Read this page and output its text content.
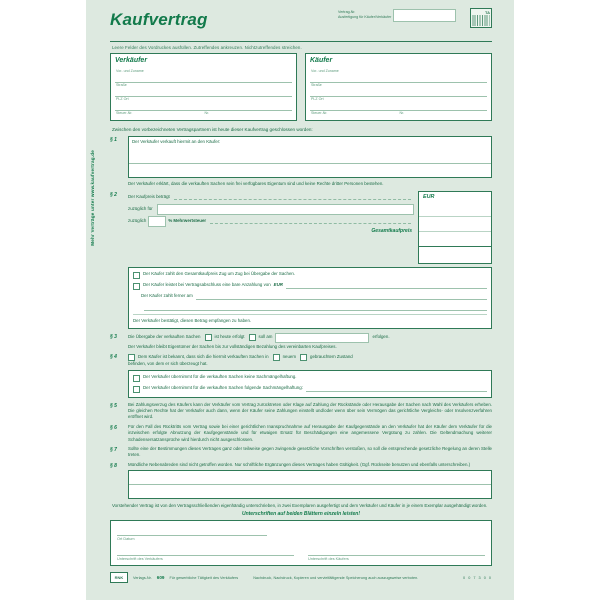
Mehr Verträge unter www.kaufvertrag.de
Kaufvertrag	Vertrag-Nr.
Ausfertigung für Käufer/Verkäufer
TA
Leere Felder des Vordruckes ausfüllen. Zutreffendes ankreuzen. Nichtzutreffendes streichen.
Verkäufer
Vor- und Zuname
Straße
PLZ Ort
Steuer-Nr.	Nr.
Käufer
Vor- und Zuname
Straße
PLZ Ort
Steuer-Nr.	Nr.
Zwischen den vorbezeichneten Vertragspartnern ist heute dieser Kaufvertrag geschlossen worden:
§ 1	Der Verkäufer verkauft hiermit an den Käufer:
Der Verkäufer erklärt, dass die verkauften Sachen sein frei verfügbares Eigentum sind und keine Rechte dritter Personen bestehen.
§ 2	Der Kaufpreis beträgt
zuzüglich für
zuzüglich	% Mehrwertsteuer
Gesamtkaufpreis
EUR
Der Käufer zahlt den Gesamtkaufpreis Zug um Zug bei Übergabe der Sachen.
Der Käufer leistet bei Vertragsabschluss eine bare Anzahlung von EUR
Der Käufer zahlt ferner am
Der Verkäufer bestätigt, diesen Betrag empfangen zu haben.
§ 3	Die Übergabe der verkauften Sachen	ist heute erfolgt	soll am	erfolgen.
Der Verkäufer bleibt Eigentümer der Sachen bis zur vollständigen Bezahlung des vereinbarten Kaufpreises.
§ 4	Dem Käufer ist bekannt, dass sich die hiermit verkauften Sachen in	neuem	gebrauchtem Zustand
befinden, von dem er sich überzeugt hat.
Der Verkäufer übernimmt für die verkauften Sachen keine Sachmängelhaftung.
Der Verkäufer übernimmt für die verkauften Sachen folgende Sachmängelhaftung:
§ 5	Bei Zahlungsverzug des Käufers kann der Verkäufer vom Vertrag zurücktreten oder Klage auf Zahlung der Rückstände oder Herausgabe der Sachen nach Wahl des Verkäufers erheben. Die gleichen Rechte hat der Verkäufer auch dann, wenn der Käufer seine Zahlungen einstellt und/oder wenn über sein Vermögen das gerichtliche Vergleichs- oder Insolvenzverfahren eröffnet wird.
§ 6	Für den Fall des Rücktritts vom Vertrag sowie bei einer gerichtlichen Inanspruchnahme auf Herausgabe der Kaufgegenstände an den Verkäufer hat der Käufer dem Verkäufer für die inzwischen erfolgte Abnutzung der Kaufgegenstände und für etwaigen Ersatz für Beschädigungen eine angemessene Vergütung zu zahlen. Die Geltendmachung weiterer Schadensersatzansprüche wird hierdurch nicht ausgeschlossen.
§ 7	Sollte eine der Bestimmungen dieses Vertrages ganz oder teilweise gegen zwingende gesetzliche Vorschriften verstoßen, so soll die entsprechende gesetzliche Regelung an deren Stelle treten.
§ 8	Mündliche Nebenabreden sind nicht getroffen worden. Nur schriftliche Ergänzungen dieses Vertrages haben Gültigkeit. (Ggf. Rückseite benutzen und ebenfalls unterschreiben.)
Vorstehender Vertrag ist von den Vertragsschließenden eigenhändig unterschrieben, in zwei Exemplaren ausgefertigt und dem Verkäufer und Käufer in je einem Exemplar ausgehändigt worden.
Unterschriften auf beiden Blättern einzeln leisten!
Ort Datum
Unterschrift des Verkäufers	Unterschrift des Käufers
RNK	Verlags-Nr. 609 Für gewerbliche Tätigkeit des Verkäufers	Nachdruck, Nachdruck, Kopieren und vervielfältigende Speicherung auch auszugsweise verboten.	0 0 7 3 0 0
